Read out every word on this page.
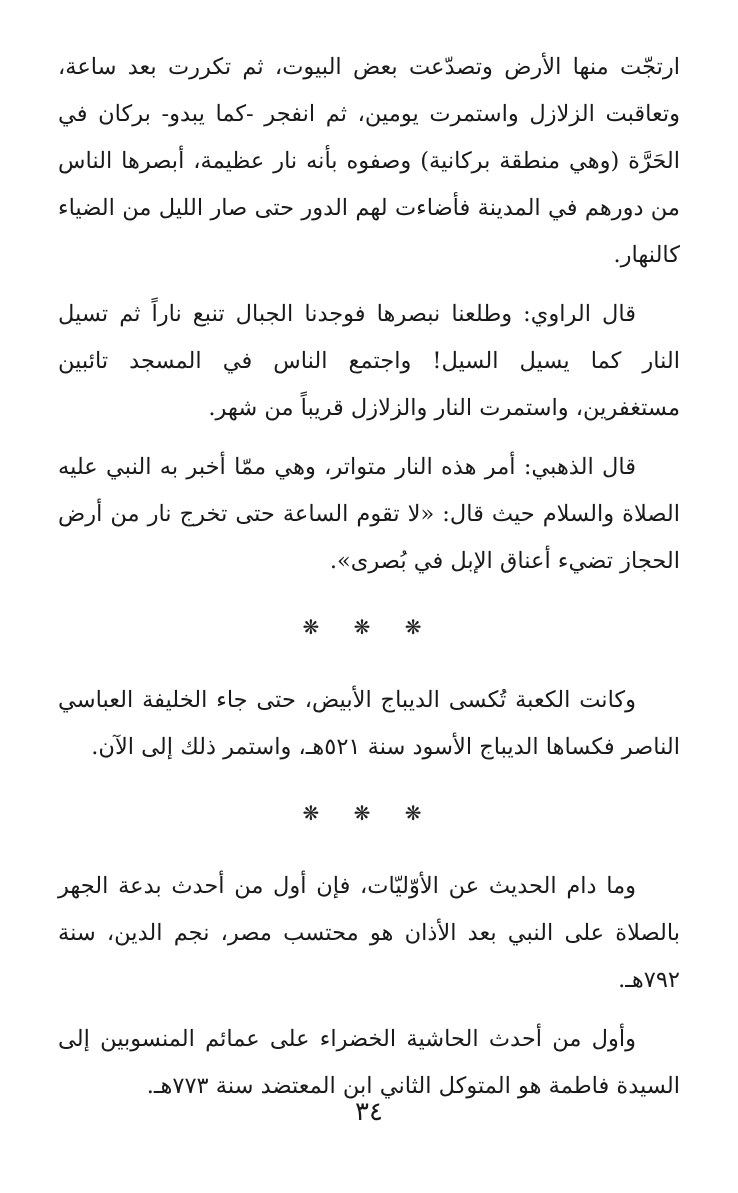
ارتجّت منها الأرض وتصدّعت بعض البيوت، ثم تكررت بعد ساعة، وتعاقبت الزلازل واستمرت يومين، ثم انفجر -كما يبدو- بركان في الحَرَّة (وهي منطقة بركانية) وصفوه بأنه نار عظيمة، أبصرها الناس من دورهم في المدينة فأضاءت لهم الدور حتى صار الليل من الضياء كالنهار.

قال الراوي: وطلعنا نبصرها فوجدنا الجبال تنبع ناراً ثم تسيل النار كما يسيل السيل! واجتمع الناس في المسجد تائبين مستغفرين، واستمرت النار والزلازل قريباً من شهر.

قال الذهبي: أمر هذه النار متواتر، وهي ممّا أخبر به النبي عليه الصلاة والسلام حيث قال: «لا تقوم الساعة حتى تخرج نار من أرض الحجاز تضيء أعناق الإبل في بُصرى».

❋ ❋ ❋

وكانت الكعبة تُكسى الديباج الأبيض، حتى جاء الخليفة العباسي الناصر فكساها الديباج الأسود سنة ٥٢١هـ، واستمر ذلك إلى الآن.

❋ ❋ ❋

وما دام الحديث عن الأوّليّات، فإن أول من أحدث بدعة الجهر بالصلاة على النبي بعد الأذان هو محتسب مصر، نجم الدين، سنة ٧٩٢هـ.

وأول من أحدث الحاشية الخضراء على عمائم المنسوبين إلى السيدة فاطمة هو المتوكل الثاني ابن المعتضد سنة ٧٧٣هـ.

٣٤
